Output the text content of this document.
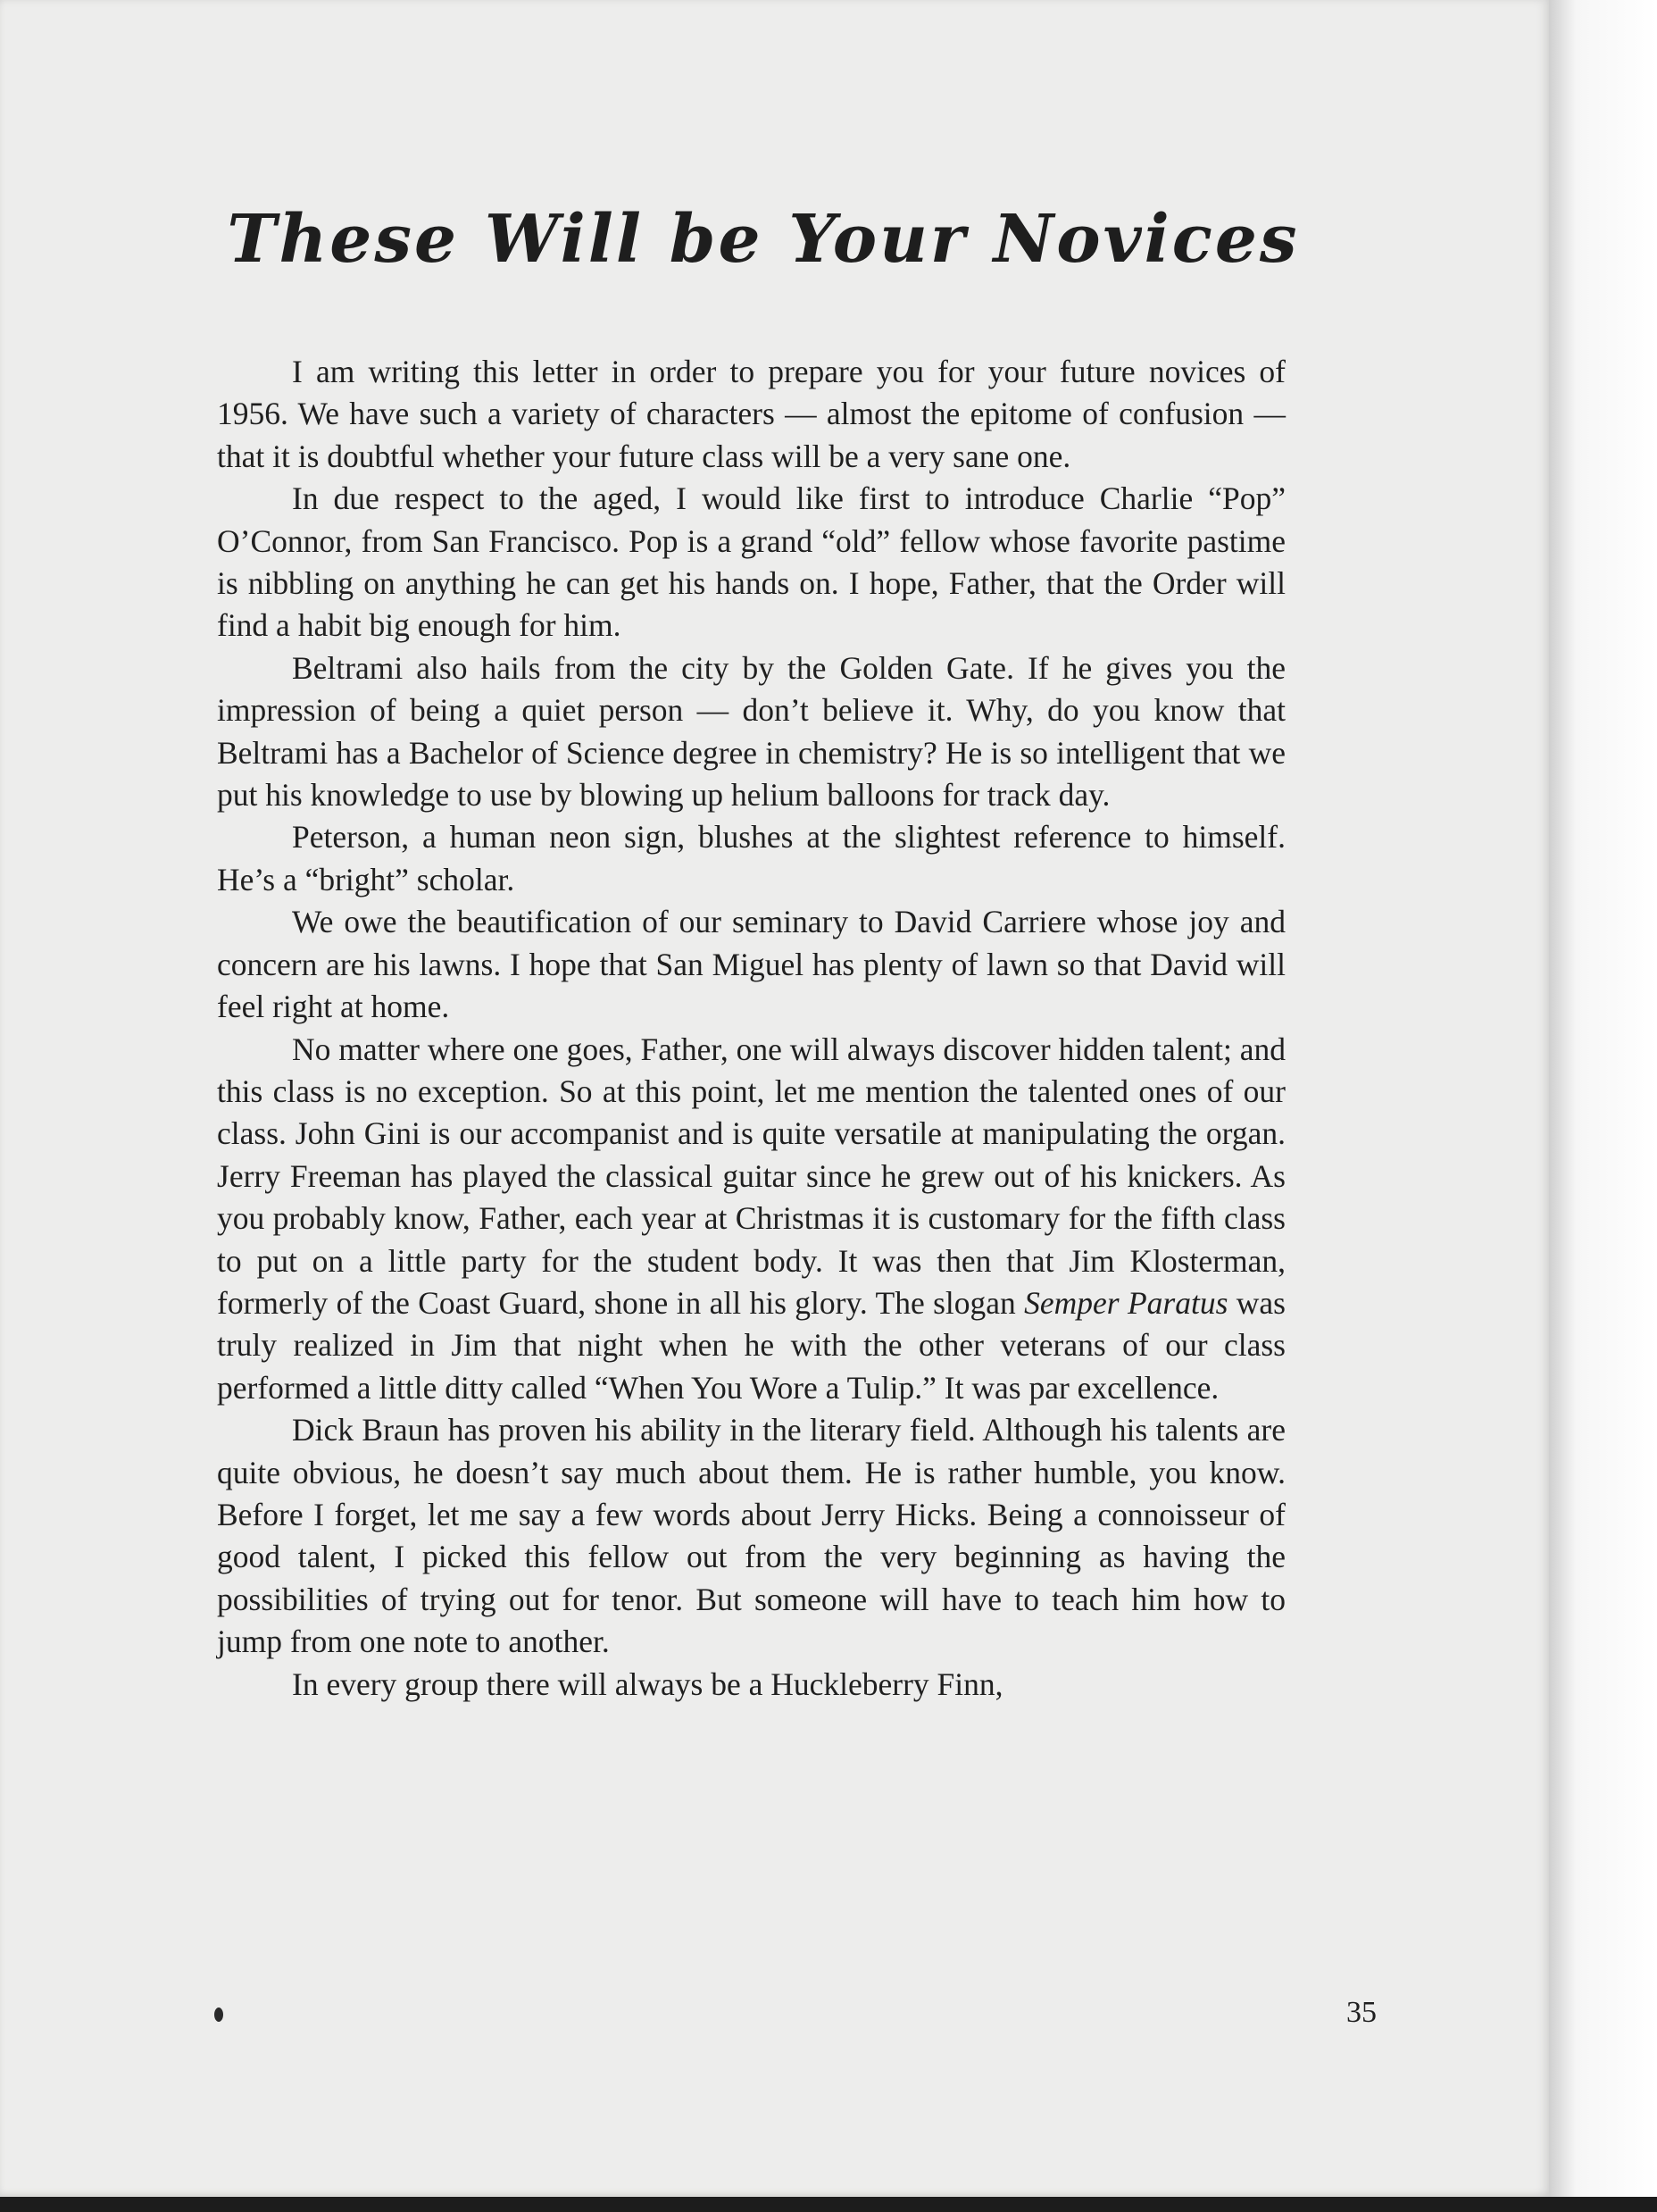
These Will be Your Novices

I am writing this letter in order to prepare you for your future novices of 1956. We have such a variety of characters — almost the epitome of confusion — that it is doubtful whether your future class will be a very sane one.

In due respect to the aged, I would like first to introduce Charlie “Pop” O’Connor, from San Francisco. Pop is a grand “old” fellow whose favorite pastime is nibbling on anything he can get his hands on. I hope, Father, that the Order will find a habit big enough for him.

Beltrami also hails from the city by the Golden Gate. If he gives you the impression of being a quiet person — don’t believe it. Why, do you know that Beltrami has a Bachelor of Science degree in chemistry? He is so intelligent that we put his knowledge to use by blowing up helium balloons for track day.

Peterson, a human neon sign, blushes at the slightest reference to himself. He’s a “bright” scholar.

We owe the beautification of our seminary to David Carriere whose joy and concern are his lawns. I hope that San Miguel has plenty of lawn so that David will feel right at home.

No matter where one goes, Father, one will always discover hidden talent; and this class is no exception. So at this point, let me mention the talented ones of our class. John Gini is our accompanist and is quite versatile at manipulating the organ. Jerry Freeman has played the classical guitar since he grew out of his knickers. As you probably know, Father, each year at Christmas it is customary for the fifth class to put on a little party for the student body. It was then that Jim Klosterman, formerly of the Coast Guard, shone in all his glory. The slogan Semper Paratus was truly realized in Jim that night when he with the other veterans of our class performed a little ditty called “When You Wore a Tulip.” It was par excellence.

Dick Braun has proven his ability in the literary field. Although his talents are quite obvious, he doesn’t say much about them. He is rather humble, you know. Before I forget, let me say a few words about Jerry Hicks. Being a connoisseur of good talent, I picked this fellow out from the very beginning as having the possibilities of trying out for tenor. But someone will have to teach him how to jump from one note to another.

In every group there will always be a Huckleberry Finn,

35
